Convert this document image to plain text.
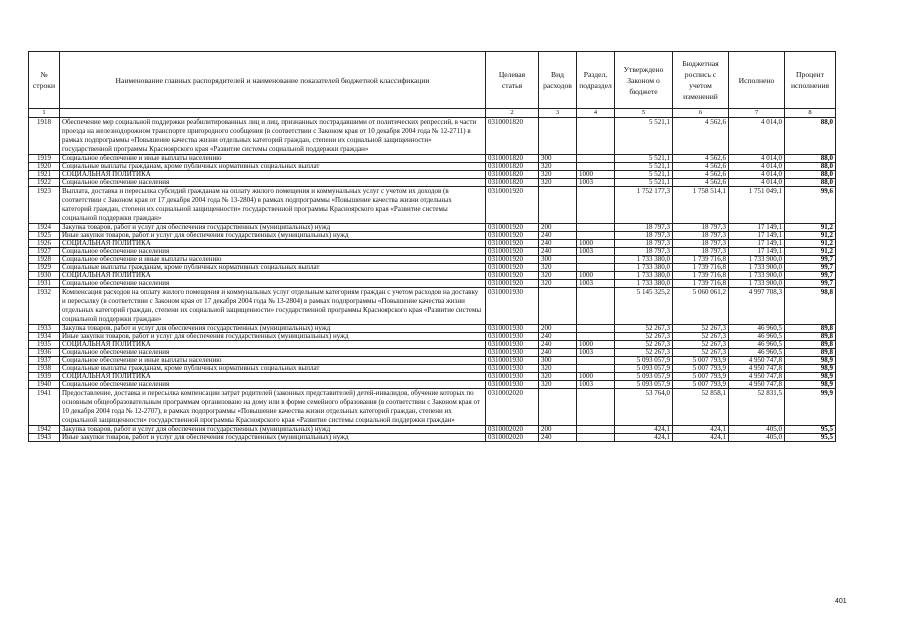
№ строки	Наименование главных распорядителей и наименование показателей бюджетной классификации	Целевая статья	Вид расходов	Раздел, подраздел	Утверждено Законом о бюджете	Бюджетная роспись с учетом изменений	Исполнено	Процент исполнения
1		2	3	4	5	6	7	8
1918	Обеспечение мер социальной поддержки реабилитированных лиц и лиц, признанных пострадавшими от политических репрессий, в части проезда на железнодорожном транспорте пригородного сообщения (в соответствии с Законом края от 10 декабря 2004 года № 12-2711) в рамках подпрограммы «Повышение качества жизни отдельных категорий граждан, степени их социальной защищенности» государственной программы Красноярского края «Развитие системы социальной поддержки граждан»	0310001820			5 521,1	4 562,6	4 014,0	88,0
1919	Социальное обеспечение и иные выплаты населению	0310001820	300		5 521,1	4 562,6	4 014,0	88,0
1920	Социальные выплаты гражданам, кроме публичных нормативных социальных выплат	0310001820	320		5 521,1	4 562,6	4 014,0	88,0
1921	СОЦИАЛЬНАЯ ПОЛИТИКА	0310001820	320	1000	5 521,1	4 562,6	4 014,0	88,0
1922	Социальное обеспечение населения	0310001820	320	1003	5 521,1	4 562,6	4 014,0	88,0
1923	Выплата, доставка и пересылка субсидий гражданам на оплату жилого помещения и коммунальных услуг с учетом их доходов (в соответствии с Законом края от 17 декабря 2004 года № 13-2804) в рамках подпрограммы «Повышение качества жизни отдельных категорий граждан, степени их социальной защищенности» государственной программы Красноярского края «Развитие системы социальной поддержки граждан»	0310001920			1 752 177,3	1 758 514,1	1 751 049,1	99,6
1924	Закупка товаров, работ и услуг для обеспечения государственных (муниципальных) нужд	0310001920	200		18 797,3	18 797,3	17 149,1	91,2
1925	Иные закупки товаров, работ и услуг для обеспечения государственных (муниципальных) нужд	0310001920	240		18 797,3	18 797,3	17 149,1	91,2
1926	СОЦИАЛЬНАЯ ПОЛИТИКА	0310001920	240	1000	18 797,3	18 797,3	17 149,1	91,2
1927	Социальное обеспечение населения	0310001920	240	1003	18 797,3	18 797,3	17 149,1	91,2
1928	Социальное обеспечение и иные выплаты населению	0310001920	300		1 733 380,0	1 739 716,8	1 733 900,0	99,7
1929	Социальные выплаты гражданам, кроме публичных нормативных социальных выплат	0310001920	320		1 733 380,0	1 739 716,8	1 733 900,0	99,7
1930	СОЦИАЛЬНАЯ ПОЛИТИКА	0310001920	320	1000	1 733 380,0	1 739 716,8	1 733 900,0	99,7
1931	Социальное обеспечение населения	0310001920	320	1003	1 733 380,0	1 739 716,8	1 733 900,0	99,7
1932	Компенсация расходов на оплату жилого помещения и коммунальных услуг отдельным категориям граждан с учетом расходов на доставку и пересылку (в соответствии с Законом края от 17 декабря 2004 года № 13-2804) в рамках подпрограммы «Повышение качества жизни отдельных категорий граждан, степени их социальной защищенности» государственной программы Красноярского края «Развитие системы социальной поддержки граждан»	0310001930			5 145 325,2	5 060 061,2	4 997 708,3	98,8
1933	Закупка товаров, работ и услуг для обеспечения государственных (муниципальных) нужд	0310001930	200		52 267,3	52 267,3	46 960,5	89,8
1934	Иные закупки товаров, работ и услуг для обеспечения государственных (муниципальных) нужд	0310001930	240		52 267,3	52 267,3	46 960,5	89,8
1935	СОЦИАЛЬНАЯ ПОЛИТИКА	0310001930	240	1000	52 267,3	52 267,3	46 960,5	89,8
1936	Социальное обеспечение населения	0310001930	240	1003	52 267,3	52 267,3	46 960,5	89,8
1937	Социальное обеспечение и иные выплаты населению	0310001930	300		5 093 057,9	5 007 793,9	4 950 747,8	98,9
1938	Социальные выплаты гражданам, кроме публичных нормативных социальных выплат	0310001930	320		5 093 057,9	5 007 793,9	4 950 747,8	98,9
1939	СОЦИАЛЬНАЯ ПОЛИТИКА	0310001930	320	1000	5 093 057,9	5 007 793,9	4 950 747,8	98,9
1940	Социальное обеспечение населения	0310001930	320	1003	5 093 057,9	5 007 793,9	4 950 747,8	98,9
1941	Предоставление, доставка и пересылка компенсации затрат родителей (законных представителей) детей-инвалидов, обучение которых по основным общеобразовательным программам организовано на дому или в форме семейного образования (в соответствии с Законом края от 10 декабря 2004 года № 12-2707), в рамках подпрограммы «Повышение качества жизни отдельных категорий граждан, степени их социальной защищенности» государственной программы Красноярского края «Развитие системы социальной поддержки граждан»	0310002020			53 764,0	52 858,1	52 831,5	99,9
1942	Закупка товаров, работ и услуг для обеспечения государственных (муниципальных) нужд	0310002020	200		424,1	424,1	405,0	95,5
1943	Иные закупки товаров, работ и услуг для обеспечения государственных (муниципальных) нужд	0310002020	240		424,1	424,1	405,0	95,5
401
